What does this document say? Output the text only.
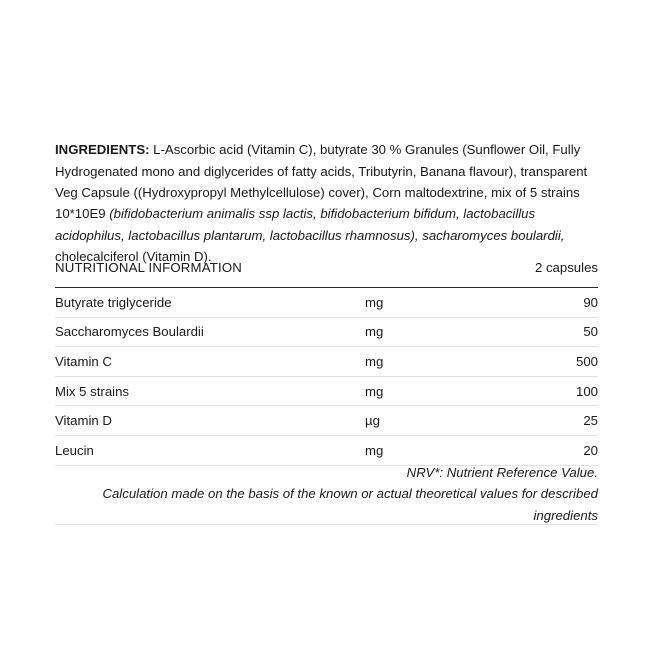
INGREDIENTS: L-Ascorbic acid (Vitamin C), butyrate 30 % Granules (Sunflower Oil, Fully Hydrogenated mono and diglycerides of fatty acids, Tributyrin, Banana flavour), transparent Veg Capsule ((Hydroxypropyl Methylcellulose) cover), Corn maltodextrine, mix of 5 strains 10*10E9 (bifidobacterium animalis ssp lactis, bifidobacterium bifidum, lactobacillus acidophilus, lactobacillus plantarum, lactobacillus rhamnosus), sacharomyces boulardii, cholecalciferol (Vitamin D).

NUTRITIONAL INFORMATION		2 capsules
Butyrate triglyceride	mg	90
Saccharomyces Boulardii	mg	50
Vitamin C	mg	500
Mix 5 strains	mg	100
Vitamin D	µg	25
Leucin	mg	20
NRV*: Nutrient Reference Value.
Calculation made on the basis of the known or actual theoretical values for described ingredients
